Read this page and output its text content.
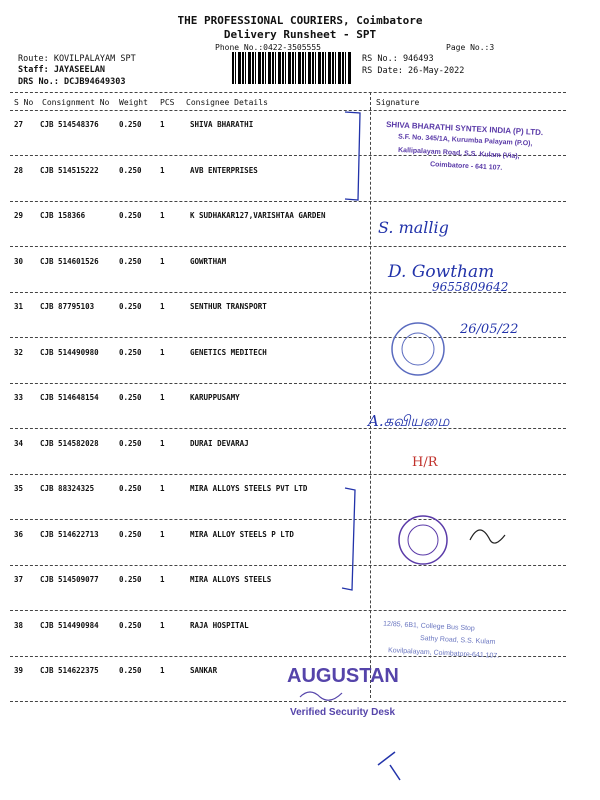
THE PROFESSIONAL COURIERS, Coimbatore
Delivery Runsheet - SPT
Phone No.:0422-3505555	Page No.:3
Route: KOVILPALAYAM SPT
Staff: JAYASEELAN
DRS No.: DCJB94649303
RS No.: 946493
RS Date: 26-May-2022
S No Consignment No Weight PCS Consignee Details	Signature
27 CJB 514548376	0.250 1	SHIVA BHARATHI
28 CJB 514515222	0.250 1	AVB ENTERPRISES
29 CJB 158366	0.250 1	K SUDHAKAR127,VARISHTAA GARDEN
30 CJB 514601526	0.250 1	GOWRTHAM
31 CJB 87795103	0.250 1	SENTHUR TRANSPORT
32 CJB 514490980	0.250 1	GENETICS MEDITECH
33 CJB 514648154	0.250 1	KARUPPUSAMY
34 CJB 514582028	0.250 1	DURAI DEVARAJ
35 CJB 88324325	0.250 1	MIRA ALLOYS STEELS PVT LTD
36 CJB 514622713	0.250 1	MIRA ALLOY STEELS P LTD
37 CJB 514509077	0.250 1	MIRA ALLOYS STEELS
38 CJB 514490984	0.250 1	RAJA HOSPITAL
39 CJB 514622375	0.250 1	SANKAR
SHIVA BHARATHI SYNTEX INDIA (P) LTD.
S.F. No. 345/1A, Kurumba Palayam (P.O),
Kallipalayam Road, S.S. Kulam (Via),
Coimbatore - 641 107.
S. mallig
D. Gowtham
9655809642
26/05/22
A.கவியமை
H/R
12/85, 6B1, College Bus Stop
Sathy Road, S.S. Kulam
Kovilpalayam, Coimbatore-641 107.
AUGUSTAN
Verified Security Desk
